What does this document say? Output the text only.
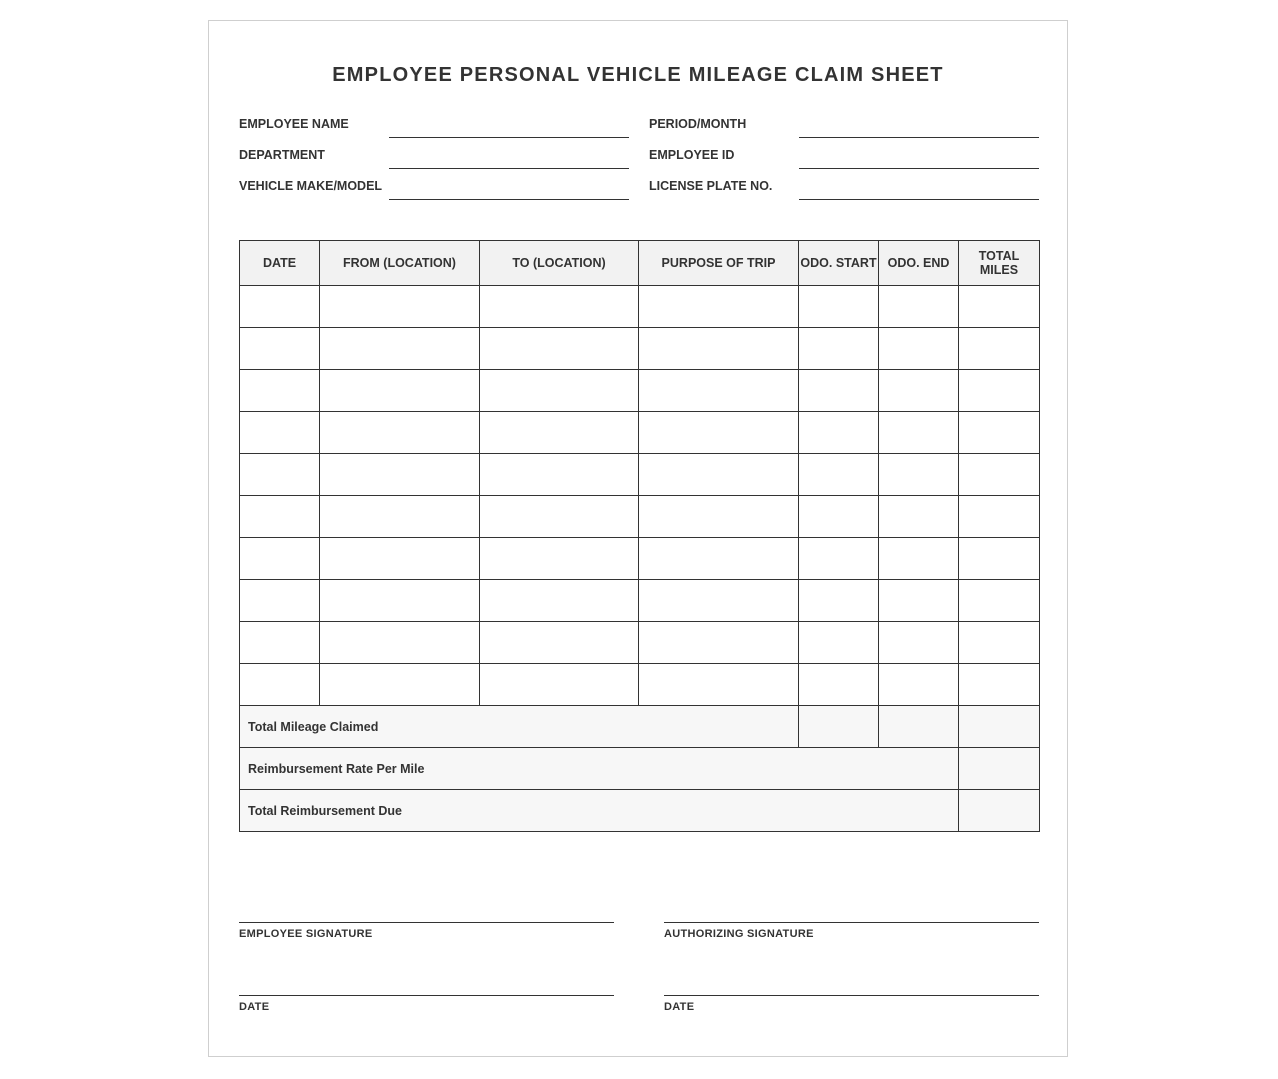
EMPLOYEE PERSONAL VEHICLE MILEAGE CLAIM SHEET
EMPLOYEE NAME	PERIOD/MONTH
DEPARTMENT	EMPLOYEE ID
VEHICLE MAKE/MODEL	LICENSE PLATE NO.
DATE	FROM (LOCATION)	TO (LOCATION)	PURPOSE OF TRIP	ODO. START	ODO. END	TOTAL MILES

Total Mileage Claimed						
Reimbursement Rate Per Mile						
Total Reimbursement Due						
EMPLOYEE SIGNATURE	AUTHORIZING SIGNATURE
DATE	DATE
